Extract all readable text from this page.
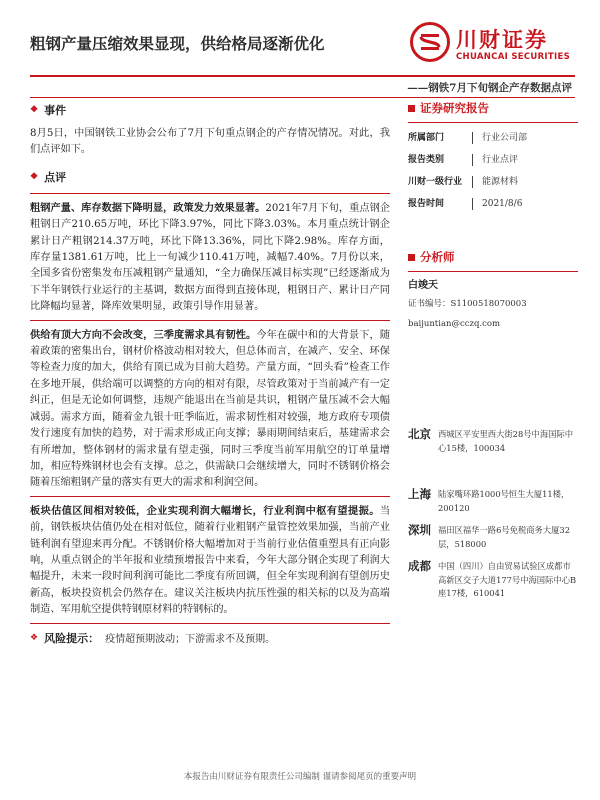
粗钢产量压缩效果显现，供给格局逐渐优化	川财证券
CHUANCAI SECURITIES
——钢铁7月下旬钢企产存数据点评
❖ 事件

8月5日，中国钢铁工业协会公布了7月下旬重点钢企的产存情况情况。对此，我们点评如下。

❖ 点评

粗钢产量、库存数据下降明显，政策发力效果显著。2021年7月下旬，重点钢企粗钢日产210.65万吨，环比下降3.97%，同比下降3.03%。本月重点统计钢企累计日产粗钢214.37万吨，环比下降13.36%，同比下降2.98%。库存方面，库存量1381.61万吨，比上一旬减少110.41万吨，减幅7.40%。7月份以来，全国多省份密集发布压减粗钢产量通知，“全力确保压减目标实现”已经逐渐成为下半年钢铁行业运行的主基调，数据方面得到直接体现，粗钢日产、累计日产同比降幅均显著，降库效果明显，政策引导作用显著。

供给有顶大方向不会改变，三季度需求具有韧性。今年在碳中和的大背景下，随着政策的密集出台，钢材价格波动相对较大，但总体而言，在减产、安全、环保等检查力度的加大，供给有顶已成为目前大趋势。产量方面，“回头看”检查工作在多地开展，供给端可以调整的方向的相对有限，尽管政策对于当前减产有一定纠正，但是无论如何调整，违规产能退出在当前是共识，粗钢产量压减不会大幅减弱。需求方面，随着金九银十旺季临近，需求韧性相对较强，地方政府专项债发行速度有加快的趋势，对于需求形成正向支撑；暴雨期间结束后，基建需求会有所增加，整体钢材的需求量有望走强，同时三季度当前军用航空的订单量增加，相应特殊钢材也会有支撑。总之，供需缺口会继续增大，同时不锈钢价格会随着压缩粗钢产量的落实有更大的需求和利润空间。

板块估值区间相对较低，企业实现利润大幅增长，行业利润中枢有望提振。当前，钢铁板块估值仍处在相对低位，随着行业粗钢产量管控效果加强，当前产业链利润有望迎来再分配。不锈钢价格大幅增加对于当前行业估值重塑具有正向影响，从重点钢企的半年报和业绩预增报告中来看，今年大部分钢企实现了利润大幅提升，未来一段时间利润可能比二季度有所回调，但全年实现利润有望创历史新高，板块投资机会仍然存在。建议关注板块内抗压性强的相关标的以及为高端制造、军用航空提供特钢原材料的特钢标的。

❖ 风险提示： 疫情超预期波动；下游需求不及预期。
证券研究报告
所属部门	行业公司部
报告类别	行业点评
川财一级行业	能源材料
报告时间	2021/8/6
分析师
白竣天
证书编号：S1100518070003
baijuntian@cczq.com
北京 西城区平安里西大街28号中海国际中心15楼，100034
上海 陆家嘴环路1000号恒生大厦11楼，200120
深圳 福田区福华一路6号免税商务大厦32层，518000
成都 中国（四川）自由贸易试验区成都市高新区交子大道177号中海国际中心B座17楼，610041
本报告由川财证券有限责任公司编制 谨请参阅尾页的重要声明
